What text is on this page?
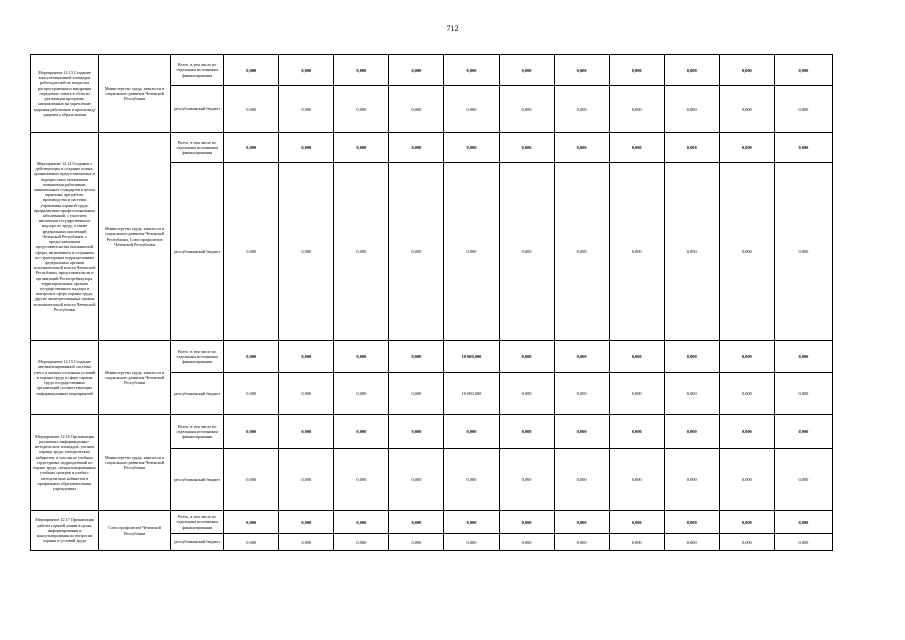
712
Мероприятие 12.13 Создание консультационной площадки работодателей по вопросам распространения и внедрения передового опыта в области реализации программ, направленных на укрепление здоровья работников и пропаганду здорового образа жизни	Министерство труда, занятости и социального развития Чеченской Республики	Всего, в том числе по отдельным источникам финансирования	0,000	0,000	0,000	0,000	0,000	0,000	0,000	0,000	0,000	0,000	0,000
		республиканский бюджет	0,000	0,000	0,000	0,000	0,000	0,000	0,000	0,000	0,000	0,000	0,000
Мероприятие 12.14 Создание с действующих и создание новых, принимаемых предоставляемых и перекрестных механизмов повышения работников, минимальных стандартов в целом гарантиях при работе, производства и системы управления охраной труда, профилактики профессиональных заболеваний, с участием инспекции государственного надзора по труду, а также федеральных инспекций Чеченской Республики, с предоставлением представительства оказываемой сферы, включением и созданием по структурным подразделениям федеральных органов исполнительной власти Чеченской Республики, представительств и организаций Роспотребнадзора, территориальных органов государственного надзора и контроля в сфере охраны труда, другие заинтересованные органы исполнительной власти Чеченской Республики	Министерство труда, занятости и социального развития Чеченской Республики, Союз профсоюзов Чеченской Республики	Всего, в том числе по отдельным источникам финансирования	0,000	0,000	0,000	0,000	0,000	0,000	0,000	0,000	0,000	0,000	0,000
		республиканский бюджет	0,000	0,000	0,000	0,000	0,000	0,000	0,000	0,000	0,000	0,000	0,000
Мероприятие 12.15 Создание автоматизированной системы учета и оценки состояния условий и охраны труда в сфере охраны труда государственных организаций соответствующих информационных мероприятий	Министерство труда, занятости и социального развития Чеченской Республики	Всего, в том числе по отдельным источникам финансирования	0,000	0,000	0,000	0,000	10 000,000	0,000	0,000	0,000	0,000	0,000	0,000
		республиканский бюджет	0,000	0,000	0,000	0,000	10 000,000	0,000	0,000	0,000	0,000	0,000	0,000
Мероприятие 12.16 Организация различных информационно-методических площадок, уголков охраны труда, методических кабинетов, в том числе учебных структурных подразделений по охране труда, специализированных учебных центров и учебно-методических кабинетов в профильных образовательных учреждениях	Министерство труда, занятости и социального развития Чеченской Республики	Всего, в том числе по отдельным источникам финансирования	0,000	0,000	0,000	0,000	0,000	0,000	0,000	0,000	0,000	0,000	0,000
		республиканский бюджет	0,000	0,000	0,000	0,000	0,000	0,000	0,000	0,000	0,000	0,000	0,000
Мероприятие 12.17 Организация работы горячей линии в целях информирования и консультирования по вопросам охраны и условий труда	Союз профсоюзов Чеченской Республики	Всего, в том числе по отдельным источникам финансирования	0,000	0,000	0,000	0,000	0,000	0,000	0,000	0,000	0,000	0,000	0,000
		республиканский бюджет	0,000	0,000	0,000	0,000	0,000	0,000	0,000	0,000	0,000	0,000	0,000
